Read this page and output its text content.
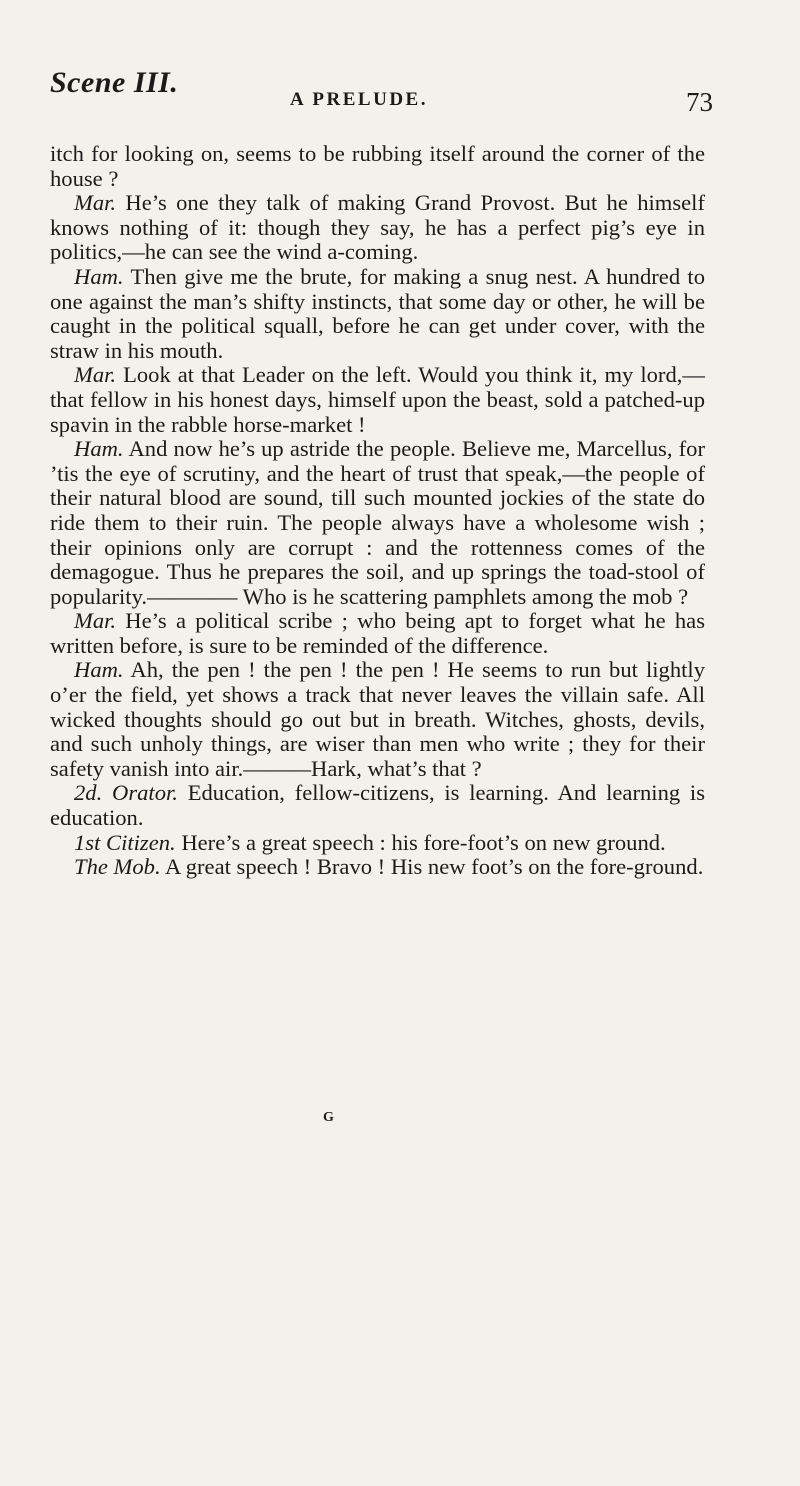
Scene III.
A PRELUDE.	73

itch for looking on, seems to be rubbing itself around the corner of the house ?

Mar. He’s one they talk of making Grand Provost. But he himself knows nothing of it: though they say, he has a perfect pig’s eye in politics,—he can see the wind a-coming.

Ham. Then give me the brute, for making a snug nest. A hundred to one against the man’s shifty instincts, that some day or other, he will be caught in the political squall, before he can get under cover, with the straw in his mouth.

Mar. Look at that Leader on the left. Would you think it, my lord,—that fellow in his honest days, himself upon the beast, sold a patched-up spavin in the rabble horse-market !

Ham. And now he’s up astride the people. Believe me, Marcellus, for ’tis the eye of scrutiny, and the heart of trust that speak,—the people of their natural blood are sound, till such mounted jockies of the state do ride them to their ruin. The people always have a wholesome wish ; their opinions only are corrupt : and the rottenness comes of the demagogue. Thus he prepares the soil, and up springs the toad-stool of popularity.———— Who is he scattering pamphlets among the mob ?

Mar. He’s a political scribe ; who being apt to forget what he has written before, is sure to be reminded of the difference.

Ham. Ah, the pen ! the pen ! the pen ! He seems to run but lightly o’er the field, yet shows a track that never leaves the villain safe. All wicked thoughts should go out but in breath. Witches, ghosts, devils, and such unholy things, are wiser than men who write ; they for their safety vanish into air.———Hark, what’s that ?

2d. Orator. Education, fellow-citizens, is learning. And learning is education.

1st Citizen. Here’s a great speech : his fore-foot’s on new ground.

The Mob. A great speech ! Bravo ! His new foot’s on the fore-ground.

G
